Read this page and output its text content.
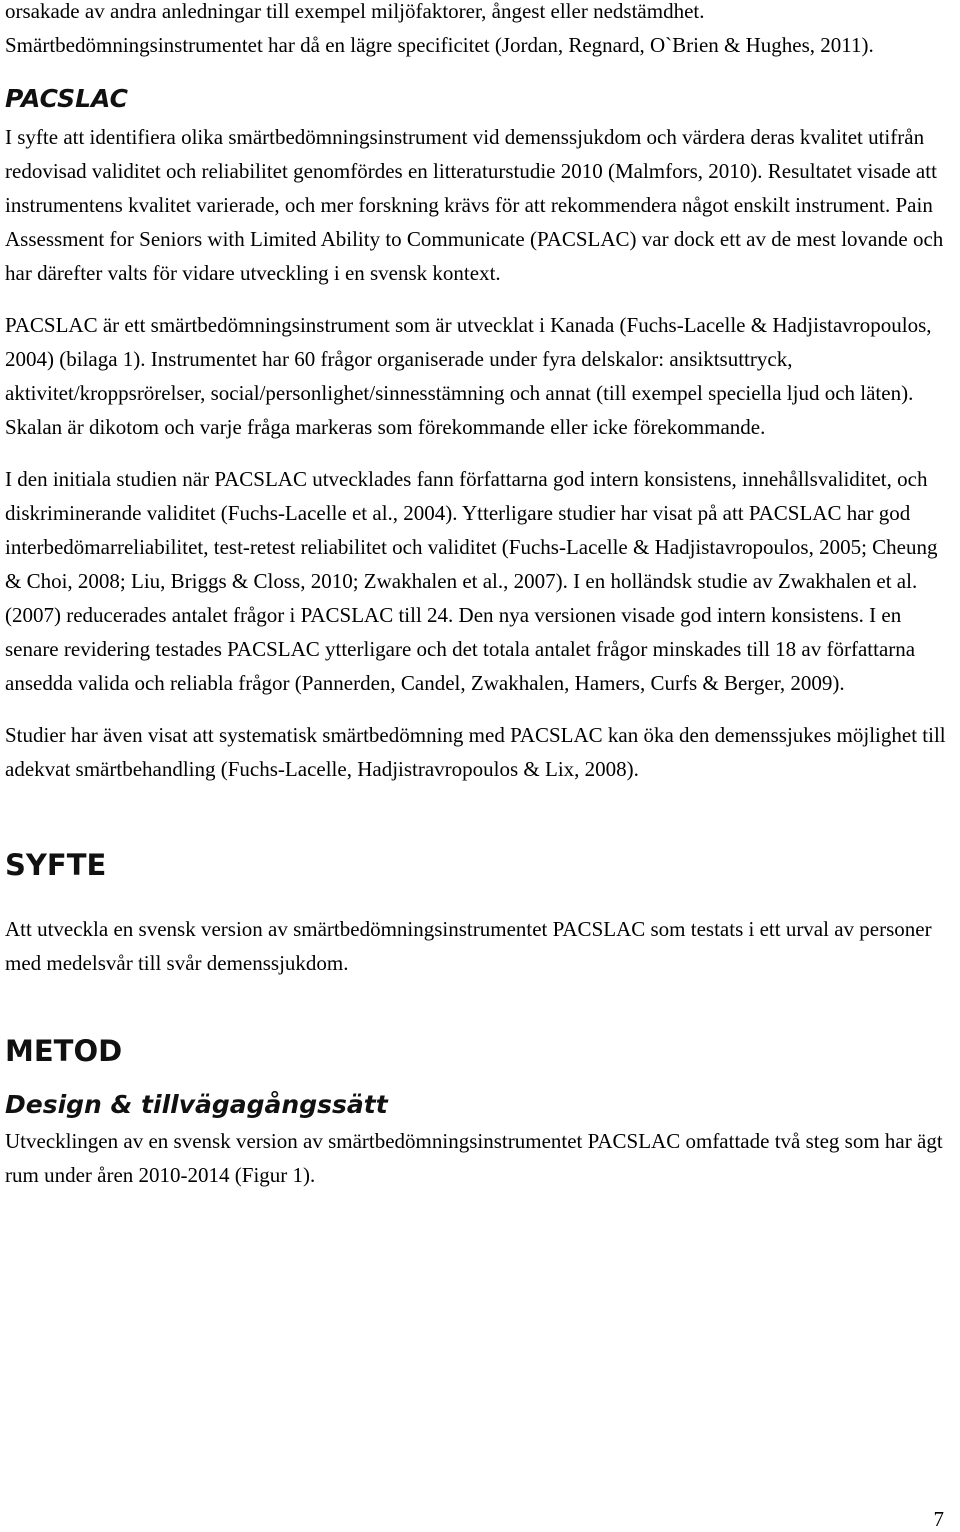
orsakade av andra anledningar till exempel miljöfaktorer, ångest eller nedstämdhet. Smärtbedömningsinstrumentet har då en lägre specificitet (Jordan, Regnard, O`Brien & Hughes, 2011).

PACSLAC

I syfte att identifiera olika smärtbedömningsinstrument vid demenssjukdom och värdera deras kvalitet utifrån redovisad validitet och reliabilitet genomfördes en litteraturstudie 2010 (Malmfors, 2010). Resultatet visade att instrumentens kvalitet varierade, och mer forskning krävs för att rekommendera något enskilt instrument. Pain Assessment for Seniors with Limited Ability to Communicate (PACSLAC) var dock ett av de mest lovande och har därefter valts för vidare utveckling i en svensk kontext.

PACSLAC är ett smärtbedömningsinstrument som är utvecklat i Kanada (Fuchs-Lacelle & Hadjistavropoulos, 2004) (bilaga 1). Instrumentet har 60 frågor organiserade under fyra delskalor: ansiktsuttryck, aktivitet/kroppsrörelser, social/personlighet/sinnesstämning och annat (till exempel speciella ljud och läten). Skalan är dikotom och varje fråga markeras som förekommande eller icke förekommande.

I den initiala studien när PACSLAC utvecklades fann författarna god intern konsistens, innehållsvaliditet, och diskriminerande validitet (Fuchs-Lacelle et al., 2004). Ytterligare studier har visat på att PACSLAC har god interbedömarreliabilitet, test-retest reliabilitet och validitet (Fuchs-Lacelle & Hadjistavropoulos, 2005; Cheung & Choi, 2008; Liu, Briggs & Closs, 2010; Zwakhalen et al., 2007). I en holländsk studie av Zwakhalen et al. (2007) reducerades antalet frågor i PACSLAC till 24. Den nya versionen visade god intern konsistens. I en senare revidering testades PACSLAC ytterligare och det totala antalet frågor minskades till 18 av författarna ansedda valida och reliabla frågor (Pannerden, Candel, Zwakhalen, Hamers, Curfs & Berger, 2009).

Studier har även visat att systematisk smärtbedömning med PACSLAC kan öka den demenssjukes möjlighet till adekvat smärtbehandling (Fuchs-Lacelle, Hadjistravropoulos & Lix, 2008).

SYFTE

Att utveckla en svensk version av smärtbedömningsinstrumentet PACSLAC som testats i ett urval av personer med medelsvår till svår demenssjukdom.

METOD
Design & tillvägagångssätt

Utvecklingen av en svensk version av smärtbedömningsinstrumentet PACSLAC omfattade två steg som har ägt rum under åren 2010-2014 (Figur 1).

7
